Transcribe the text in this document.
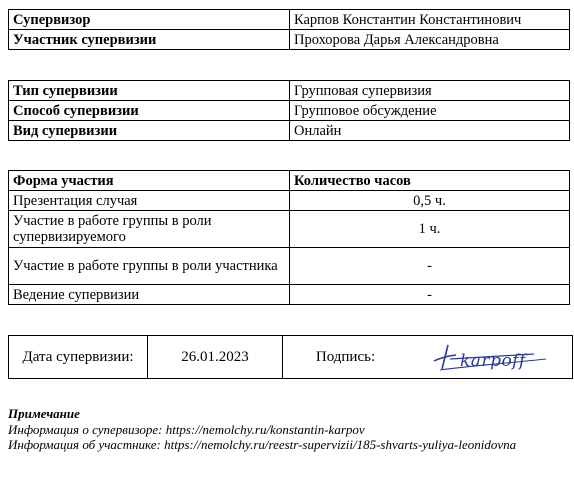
Супервизор	Карпов Константин Константинович
Участник супервизии	Прохорова Дарья Александровна
Тип супервизии	Групповая супервизия
Способ супервизии	Групповое обсуждение
Вид супервизии	Онлайн
Форма участия	Количество часов
Презентация случая	0,5 ч.
Участие в работе группы в роли супервизируемого	1 ч.
Участие в работе группы в роли участника	-
Ведение супервизии	-
Дата супервизии:	26.01.2023	Подпись:	karpoff
Примечание
Информация о супервизоре: https://nemolchy.ru/konstantin-karpov
Информация об участнике: https://nemolchy.ru/reestr-supervizii/185-shvarts-yuliya-leonidovna
